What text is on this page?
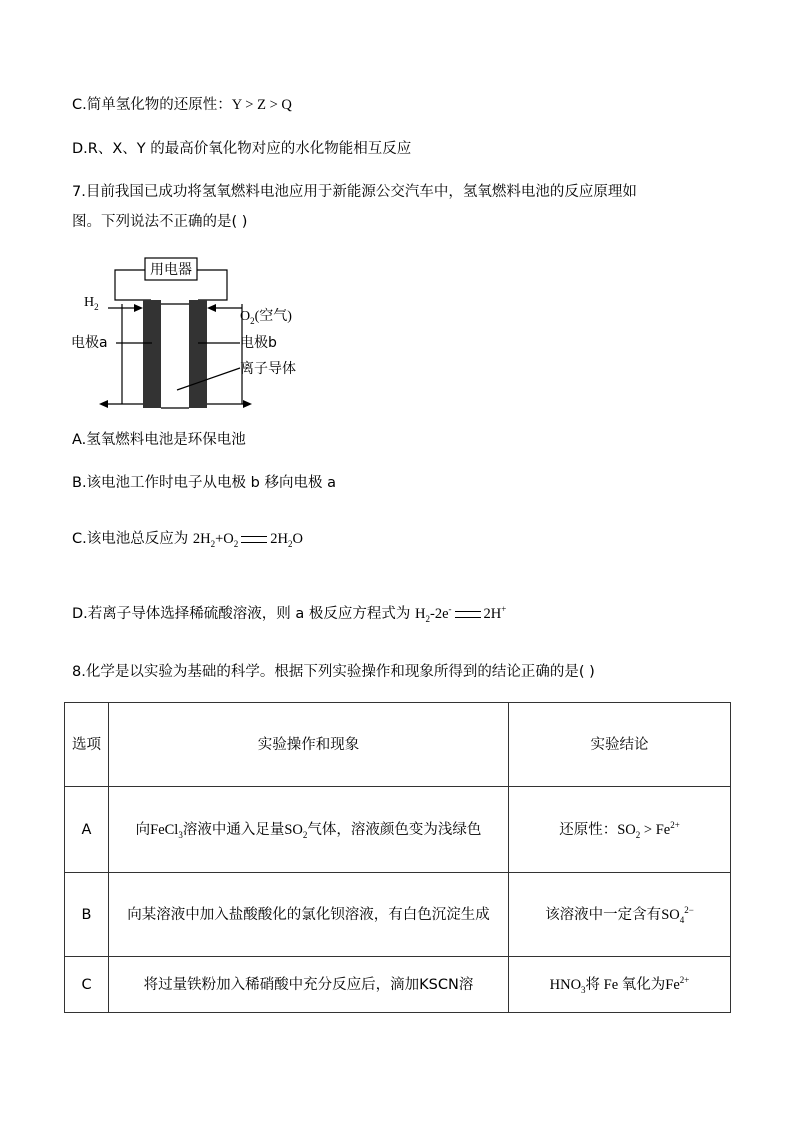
C.简单氢化物的还原性：Y > Z > Q
D.R、X、Y 的最高价氧化物对应的水化物能相互反应
7.目前我国已成功将氢氧燃料电池应用于新能源公交汽车中，氢氧燃料电池的反应原理如
图。下列说法不正确的是( )
用电器
$H_2$
$O_2$(空气)
电极a	电极b
离子导体
A.氢氧燃料电池是环保电池
B.该电池工作时电子从电极 b 移向电极 a
C.该电池总反应为 $2H_2+O_2$ $2H_2O$
D.若离子导体选择稀硫酸溶液，则 a 极反应方程式为 $H_2-2e^-$ 2H+
8.化学是以实验为基础的科学。根据下列实验操作和现象所得到的结论正确的是( )
选项	实验操作和现象	实验结论
A	向FeCl$_3$溶液中通入足量$SO_2$气体，溶液颜色变为浅绿色	还原性：$SO_2 > Fe^{2+}$
B	向某溶液中加入盐酸酸化的氯化钡溶液，有白色沉淀生成	该溶液中一定含有$SO_4^{2-}$
C	将过量铁粉加入稀硝酸中充分反应后，滴加KSCN溶	$HNO_3$将 Fe 氧化为$Fe^{2+}$
